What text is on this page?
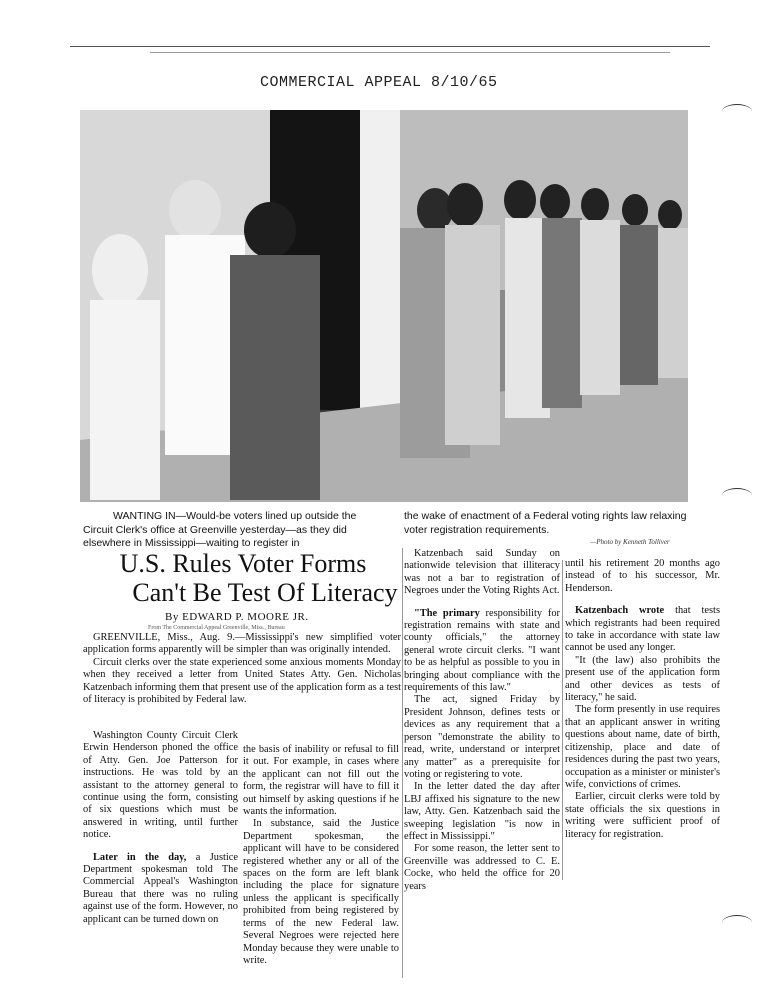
COMMERCIAL APPEAL 8/10/65
WANTING IN—Would-be voters lined up outside the Circuit Clerk's office at Greenville yesterday—as they did elsewhere in Mississippi—waiting to register in
the wake of enactment of a Federal voting rights law relaxing voter registration requirements.
—Photo by Kenneth Tolliver
U.S. Rules Voter Forms
Can't Be Test Of Literacy
By EDWARD P. MOORE JR.
From The Commercial Appeal Greenville, Miss., Bureau

GREENVILLE, Miss., Aug. 9.—Mississippi's new simplified voter application forms apparently will be simpler than was originally intended.

Circuit clerks over the state experienced some anxious moments Monday when they received a letter from United States Atty. Gen. Nicholas Katzenbach informing them that present use of the application form as a test of literacy is prohibited by Federal law.

Washington County Circuit Clerk Erwin Henderson phoned the office of Atty. Gen. Joe Patterson for instructions. He was told by an assistant to the attorney general to continue using the form, consisting of six questions which must be answered in writing, until further notice.

Later in the day, a Justice Department spokesman told The Commercial Appeal's Washington Bureau that there was no ruling against use of the form. However, no applicant can be turned down on

the basis of inability or refusal to fill it out. For example, in cases where the applicant can not fill out the form, the registrar will have to fill it out himself by asking questions if he wants the information.

In substance, said the Justice Department spokesman, the applicant will have to be considered registered whether any or all of the spaces on the form are left blank including the place for signature unless the applicant is specifically prohibited from being registered by terms of the new Federal law. Several Negroes were rejected here Monday because they were unable to write.

Katzenbach said Sunday on nationwide television that illiteracy was not a bar to registration of Negroes under the Voting Rights Act.

"The primary responsibility for registration remains with state and county officials," the attorney general wrote circuit clerks. "I want to be as helpful as possible to you in bringing about compliance with the requirements of this law."

The act, signed Friday by President Johnson, defines tests or devices as any requirement that a person "demonstrate the ability to read, write, understand or interpret any matter" as a prerequisite for voting or registering to vote.

In the letter dated the day after LBJ affixed his signature to the new law, Atty. Gen. Katzenbach said the sweeping legislation "is now in effect in Mississippi."

For some reason, the letter sent to Greenville was addressed to C. E. Cocke, who held the office for 20 years

until his retirement 20 months ago instead of to his successor, Mr. Henderson.

Katzenbach wrote that tests which registrants had been required to take in accordance with state law cannot be used any longer.

"It (the law) also prohibits the present use of the application form and other devices as tests of literacy," he said.

The form presently in use requires that an applicant answer in writing questions about name, date of birth, citizenship, place and date of residences during the past two years, occupation as a minister or minister's wife, convictions of crimes.

Earlier, circuit clerks were told by state officials the six questions in writing were sufficient proof of literacy for registration.
